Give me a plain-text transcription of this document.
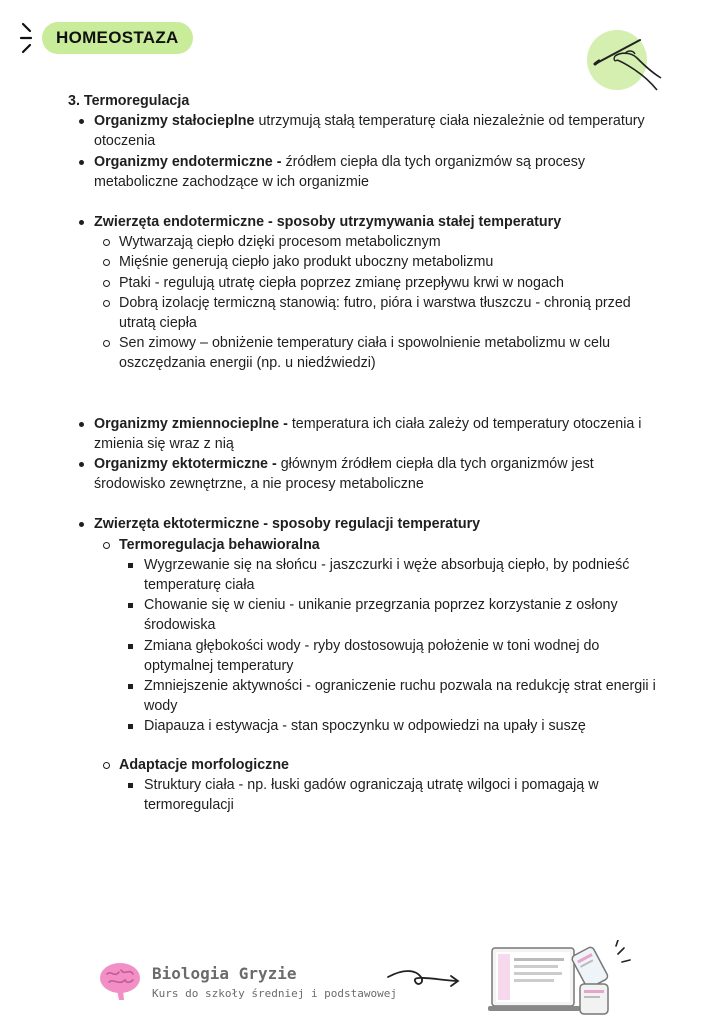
HOMEOSTAZA

3. Termoregulacja

Organizmy stałocieplne utrzymują stałą temperaturę ciała niezależnie od temperatury otoczenia
Organizmy endotermiczne - źródłem ciepła dla tych organizmów są procesy metaboliczne zachodzące w ich organizmie
Zwierzęta endotermiczne - sposoby utrzymywania stałej temperatury
Wytwarzają ciepło dzięki procesom metabolicznym
Mięśnie generują ciepło jako produkt uboczny metabolizmu
Ptaki - regulują utratę ciepła poprzez zmianę przepływu krwi w nogach
Dobrą izolację termiczną stanowią: futro, pióra i warstwa tłuszczu - chronią przed utratą ciepła
Sen zimowy – obniżenie temperatury ciała i spowolnienie metabolizmu w celu oszczędzania energii (np. u niedźwiedzi)
Organizmy zmiennocieplne - temperatura ich ciała zależy od temperatury otoczenia i zmienia się wraz z nią
Organizmy ektotermiczne - głównym źródłem ciepła dla tych organizmów jest środowisko zewnętrzne, a nie procesy metaboliczne
Zwierzęta ektotermiczne - sposoby regulacji temperatury
Termoregulacja behawioralna
Wygrzewanie się na słońcu - jaszczurki i węże absorbują ciepło, by podnieść temperaturę ciała
Chowanie się w cieniu - unikanie przegrzania poprzez korzystanie z osłony środowiska
Zmiana głębokości wody - ryby dostosowują położenie w toni wodnej do optymalnej temperatury
Zmniejszenie aktywności - ograniczenie ruchu pozwala na redukcję strat energii i wody
Diapauza i estywacja - stan spoczynku w odpowiedzi na upały i suszę
Adaptacje morfologiczne
Struktury ciała - np. łuski gadów ograniczają utratę wilgoci i pomagają w termoregulacji
Biologia Gryzie
Kurs do szkoły średniej i podstawowej
